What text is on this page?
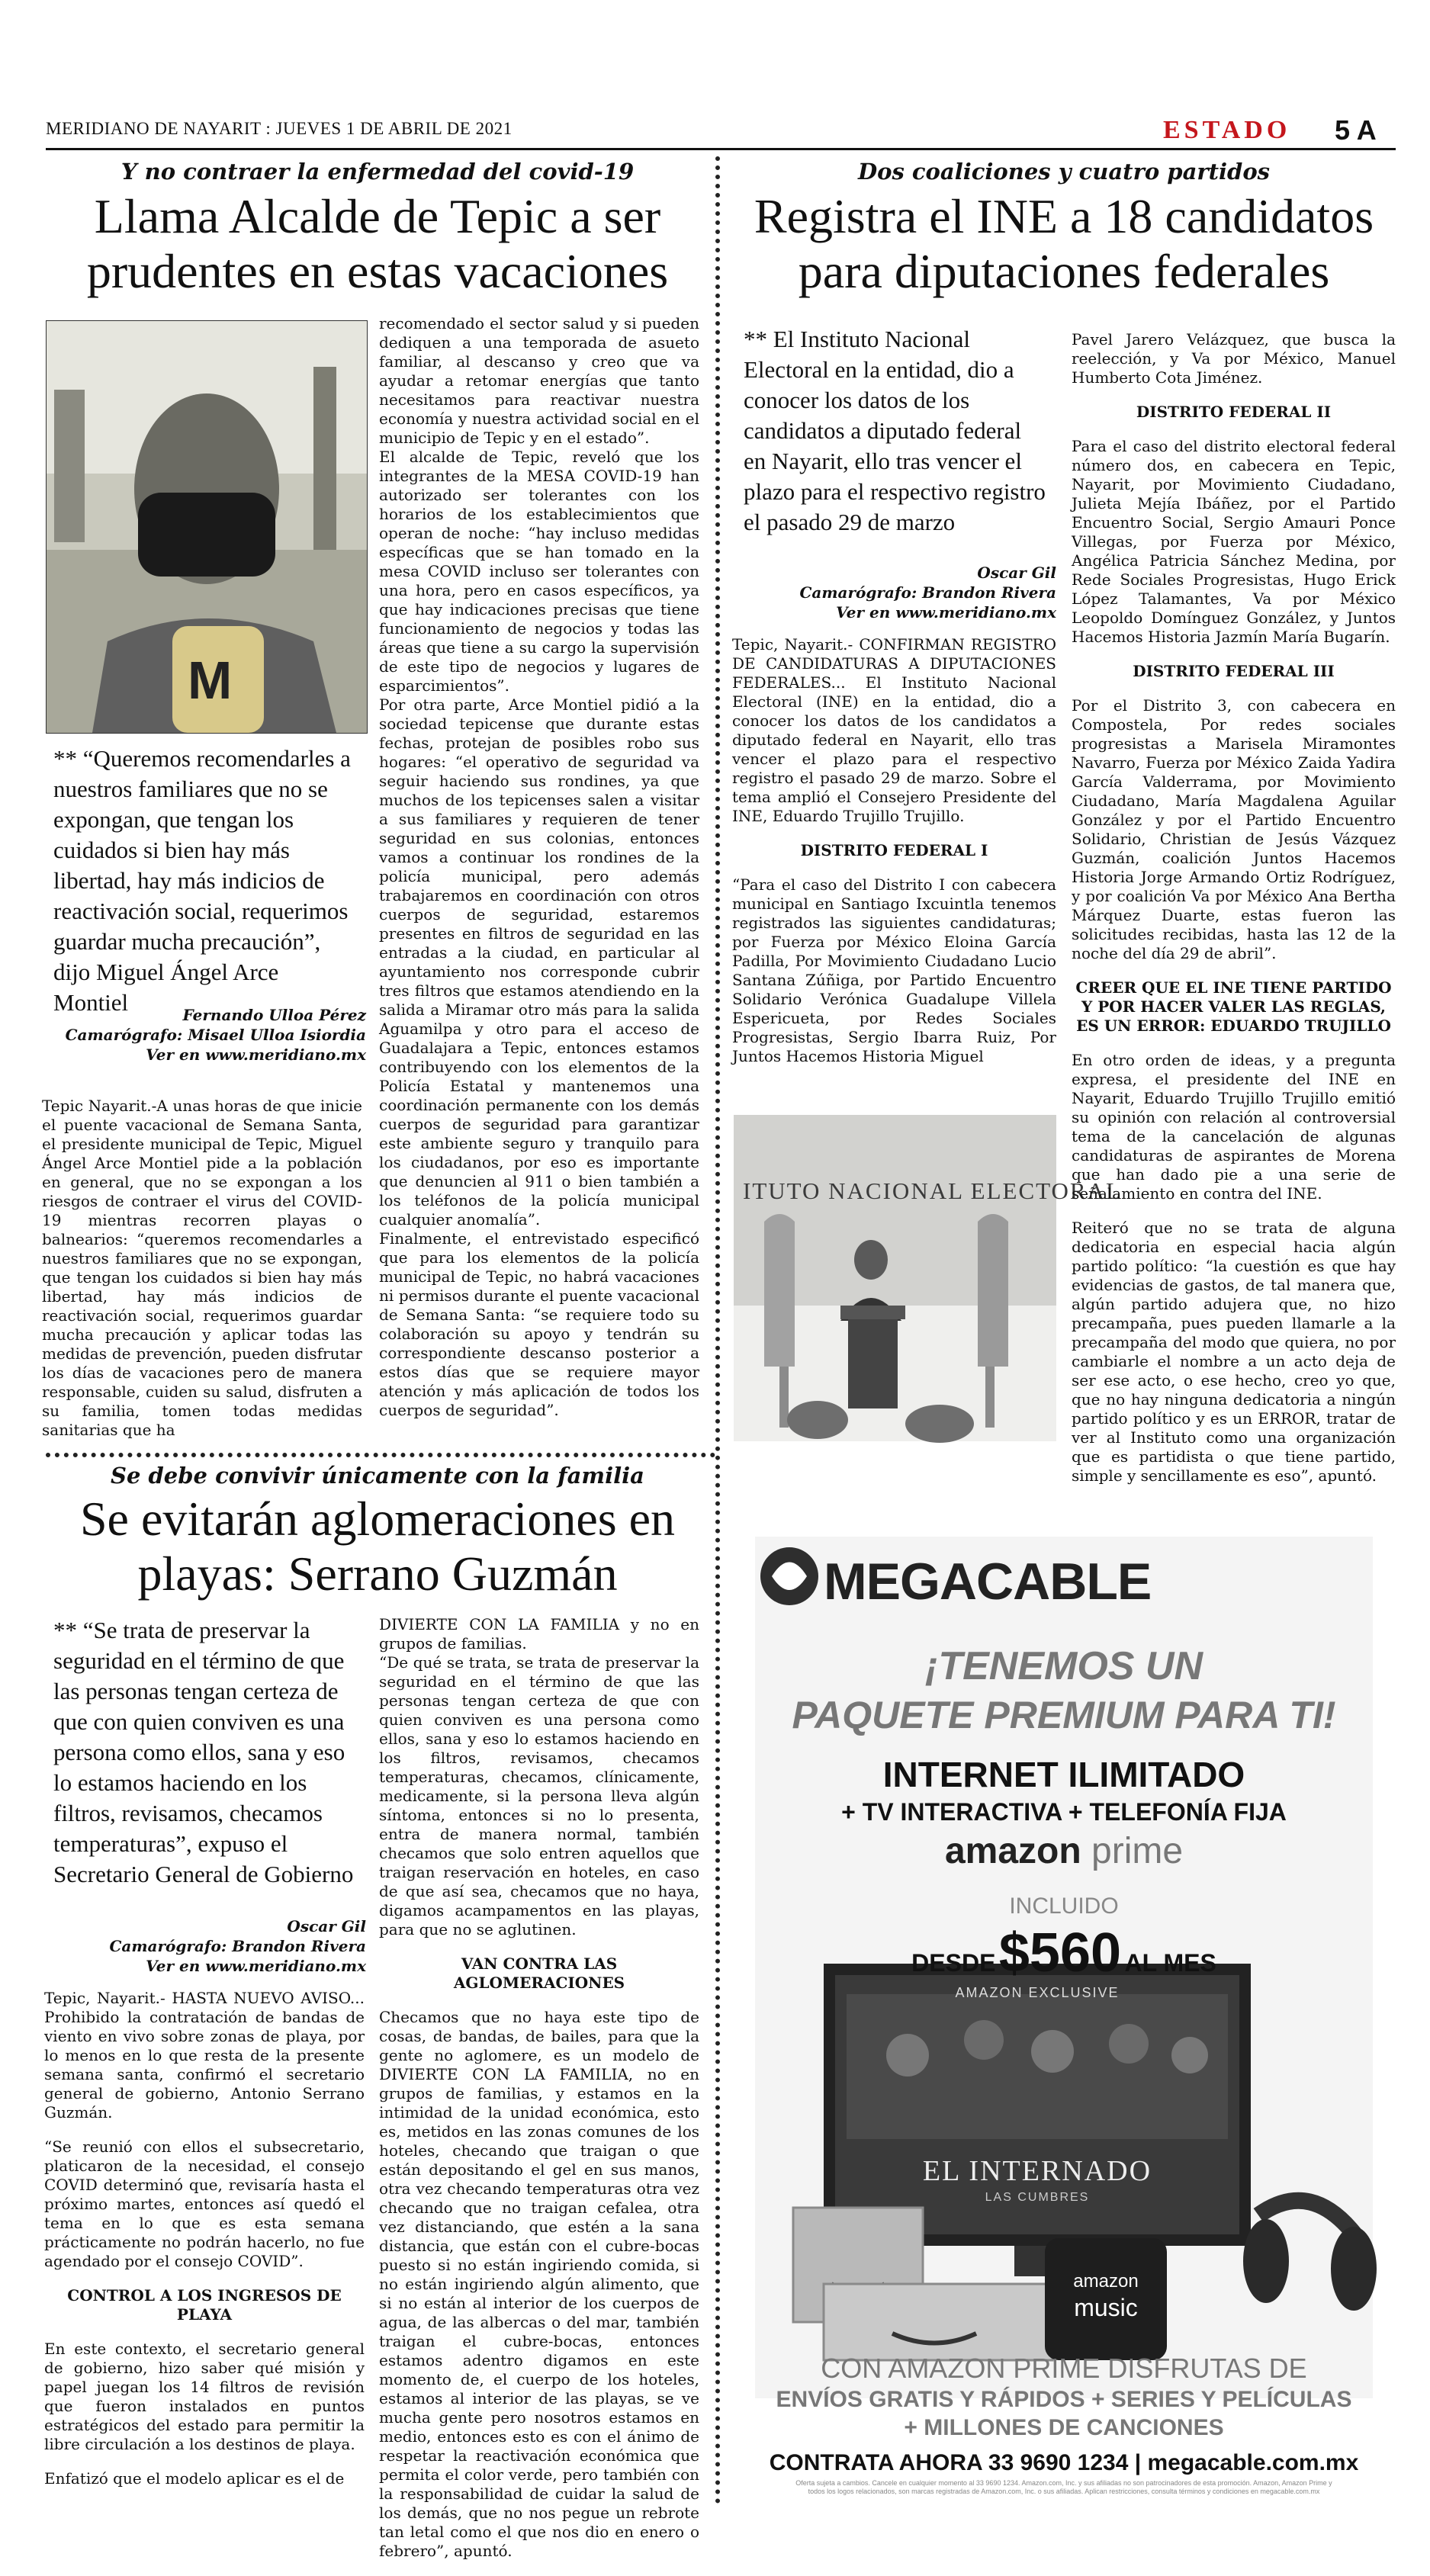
MERIDIANO DE NAYARIT : JUEVES 1 DE ABRIL DE 2021	ESTADO 5 A
Y no contraer la enfermedad del covid-19
Llama Alcalde de Tepic a ser prudentes en estas vacaciones
M
** “Queremos recomendarles a nuestros familiares que no se expongan, que tengan los cuidados si bien hay más libertad, hay más indicios de reactivación social, requerimos guardar mucha precaución”, dijo Miguel Ángel Arce Montiel	Fernando Ulloa Pérez
Camarógrafo: Misael Ulloa Isiordia
Ver en www.meridiano.mx

Tepic Nayarit.-A unas horas de que inicie el puente vacacional de Semana Santa, el presidente municipal de Tepic, Miguel Ángel Arce Montiel pide a la población en general, que no se expongan a los riesgos de contraer el virus del COVID-19 mientras recorren playas o balnearios: “queremos recomendarles a nuestros familiares que no se expongan, que tengan los cuidados si bien hay más libertad, hay más indicios de reactivación social, requerimos guardar mucha precaución y aplicar todas las medidas de prevención, pueden disfrutar los días de vacaciones pero de manera responsable, cuiden su salud, disfruten a su familia, tomen todas medidas sanitarias que ha

recomendado el sector salud y si pueden dediquen a una temporada de asueto familiar, al descanso y creo que va ayudar a retomar energías que tanto necesitamos para reactivar nuestra economía y nuestra actividad social en el municipio de Tepic y en el estado”.

El alcalde de Tepic, reveló que los integrantes de la MESA COVID-19 han autorizado ser tolerantes con los horarios de los establecimientos que operan de noche: “hay incluso medidas específicas que se han tomado en la mesa COVID incluso ser tolerantes con una hora, pero en casos específicos, ya que hay indicaciones precisas que tiene funcionamiento de negocios y todas las áreas que tiene a su cargo la supervisión de este tipo de negocios y lugares de esparcimientos”.

Por otra parte, Arce Montiel pidió a la sociedad tepicense que durante estas fechas, protejan de posibles robo sus hogares: “el operativo de seguridad va seguir haciendo sus rondines, ya que muchos de los tepicenses salen a visitar a sus familiares y requieren de tener seguridad en sus colonias, entonces vamos a continuar los rondines de la policía municipal, pero además trabajaremos en coordinación con otros cuerpos de seguridad, estaremos presentes en filtros de seguridad en las entradas a la ciudad, en particular al ayuntamiento nos corresponde cubrir tres filtros que estamos atendiendo en la salida a Miramar otro más para la salida Aguamilpa y otro para el acceso de Guadalajara a Tepic, entonces estamos contribuyendo con los elementos de la Policía Estatal y mantenemos una coordinación permanente con los demás cuerpos de seguridad para garantizar este ambiente seguro y tranquilo para los ciudadanos, por eso es importante que denuncien al 911 o bien también a los teléfonos de la policía municipal cualquier anomalía”.

Finalmente, el entrevistado especificó que para los elementos de la policía municipal de Tepic, no habrá vacaciones ni permisos durante el puente vacacional de Semana Santa: “se requiere todo su colaboración su apoyo y tendrán su correspondiente descanso posterior a estos días que se requiere mayor atención y más aplicación de todos los cuerpos de seguridad”.

Dos coaliciones y cuatro partidos
Registra el INE a 18 candidatos para diputaciones federales
** El Instituto Nacional Electoral en la entidad, dio a conocer los datos de los candidatos a diputado federal en Nayarit, ello tras vencer el plazo para el respectivo registro el pasado 29 de marzo
Oscar Gil
Camarógrafo: Brandon Rivera
Ver en www.meridiano.mx

Tepic, Nayarit.- CONFIRMAN REGISTRO DE CANDIDATURAS A DIPUTACIONES FEDERALES... El Instituto Nacional Electoral (INE) en la entidad, dio a conocer los datos de los candidatos a diputado federal en Nayarit, ello tras vencer el plazo para el respectivo registro el pasado 29 de marzo. Sobre el tema amplió el Consejero Presidente del INE, Eduardo Trujillo Trujillo.

DISTRITO FEDERAL I

“Para el caso del Distrito I con cabecera municipal en Santiago Ixcuintla tenemos registrados las siguientes candidaturas; por Fuerza por México Eloina García Padilla, Por Movimiento Ciudadano Lucio Santana Zúñiga, por Partido Encuentro Solidario Verónica Guadalupe Villela Espericueta, por Redes Sociales Progresistas, Sergio Ibarra Ruiz, Por Juntos Hacemos Historia Miguel

ITUTO NACIONAL ELECTORAL

Pavel Jarero Velázquez, que busca la reelección, y Va por México, Manuel Humberto Cota Jiménez.

DISTRITO FEDERAL II

Para el caso del distrito electoral federal número dos, en cabecera en Tepic, Nayarit, por Movimiento Ciudadano, Julieta Mejía Ibáñez, por el Partido Encuentro Social, Sergio Amauri Ponce Villegas, por Fuerza por México, Angélica Patricia Sánchez Medina, por Rede Sociales Progresistas, Hugo Erick López Talamantes, Va por México Leopoldo Domínguez González, y Juntos Hacemos Historia Jazmín María Bugarín.

DISTRITO FEDERAL III

Por el Distrito 3, con cabecera en Compostela, Por redes sociales progresistas a Marisela Miramontes Navarro, Fuerza por México Zaida Yadira García Valderrama, por Movimiento Ciudadano, María Magdalena Aguilar González y por el Partido Encuentro Solidario, Christian de Jesús Vázquez Guzmán, coalición Juntos Hacemos Historia Jorge Armando Ortiz Rodríguez, y por coalición Va por México Ana Bertha Márquez Duarte, estas fueron las solicitudes recibidas, hasta las 12 de la noche del día 29 de abril”.

CREER QUE EL INE TIENE PARTIDO Y POR HACER VALER LAS REGLAS, ES UN ERROR: EDUARDO TRUJILLO

En otro orden de ideas, y a pregunta expresa, el presidente del INE en Nayarit, Eduardo Trujillo Trujillo emitió su opinión con relación al controversial tema de la cancelación de algunas candidaturas de aspirantes de Morena que han dado pie a una serie de señalamiento en contra del INE.

Reiteró que no se trata de alguna dedicatoria en especial hacia algún partido político: “la cuestión es que hay evidencias de gastos, de tal manera que, algún partido adujera que, no hizo precampaña, pues pueden llamarle a la precampaña del modo que quiera, no por cambiarle el nombre a un acto deja de ser ese acto, o ese hecho, creo yo que, que no hay ninguna dedicatoria a ningún partido político y es un ERROR, tratar de ver al Instituto como una organización que es partidista o que tiene partido, simple y sencillamente es eso”, apuntó.

Se debe convivir únicamente con la familia
Se evitarán aglomeraciones en playas: Serrano Guzmán
** “Se trata de preservar la seguridad en el término de que las personas tengan certeza de que con quien conviven es una persona como ellos, sana y eso lo estamos haciendo en los filtros, revisamos, checamos temperaturas”, expuso el Secretario General de Gobierno
Oscar Gil
Camarógrafo: Brandon Rivera
Ver en www.meridiano.mx

Tepic, Nayarit.- HASTA NUEVO AVISO... Prohibido la contratación de bandas de viento en vivo sobre zonas de playa, por lo menos en lo que resta de la presente semana santa, confirmó el secretario general de gobierno, Antonio Serrano Guzmán.

“Se reunió con ellos el subsecretario, platicaron de la necesidad, el consejo COVID determinó que, revisaría hasta el próximo martes, entonces así quedó el tema en lo que es esta semana prácticamente no podrán hacerlo, no fue agendado por el consejo COVID”.

CONTROL A LOS INGRESOS DE PLAYA

En este contexto, el secretario general de gobierno, hizo saber qué misión y papel juegan los 14 filtros de revisión que fueron instalados en puntos estratégicos del estado para permitir la libre circulación a los destinos de playa.

Enfatizó que el modelo aplicar es el de

DIVIERTE CON LA FAMILIA y no en grupos de familias.

“De qué se trata, se trata de preservar la seguridad en el término de que las personas tengan certeza de que con quien conviven es una persona como ellos, sana y eso lo estamos haciendo en los filtros, revisamos, checamos temperaturas, checamos, clínicamente, medicamente, si la persona lleva algún síntoma, entonces si no lo presenta, entra de manera normal, también checamos que solo entren aquellos que traigan reservación en hoteles, en caso de que así sea, checamos que no haya, digamos acampamentos en las playas, para que no se aglutinen.

VAN CONTRA LAS AGLOMERACIONES

Checamos que no haya este tipo de cosas, de bandas, de bailes, para que la gente no aglomere, es un modelo de DIVIERTE CON LA FAMILIA, no en grupos de familias, y estamos en la intimidad de la unidad económica, esto es, metidos en las zonas comunes de los hoteles, checando que traigan o que están depositando el gel en sus manos, otra vez checando temperaturas otra vez checando que no traigan cefalea, otra vez distanciando, que estén a la sana distancia, que están con el cubre-bocas puesto si no están ingiriendo comida, si no están ingiriendo algún alimento, que si no están al interior de los cuerpos de agua, de las albercas o del mar, también traigan el cubre-bocas, entonces estamos adentro digamos en este momento de, el cuerpo de los hoteles, estamos al interior de las playas, se ve mucha gente pero nosotros estamos en medio, entonces esto es con el ánimo de respetar la reactivación económica que permita el color verde, pero también con la responsabilidad de cuidar la salud de los demás, que no nos pegue un rebrote tan letal como el que nos dio en enero o febrero”, apuntó.

MEGACABLE
¡TENEMOS UN
PAQUETE PREMIUM PARA TI!
INTERNET ILIMITADO
+ TV INTERACTIVA + TELEFONÍA FIJA
amazon prime
INCLUIDO
DESDE $560 AL MES
AMAZON EXCLUSIVE
EL INTERNADO
LAS CUMBRES
amazon
music
CON AMAZON PRIME DISFRUTAS DE
ENVÍOS GRATIS Y RÁPIDOS + SERIES Y PELÍCULAS
+ MILLONES DE CANCIONES
CONTRATA AHORA 33 9690 1234 | megacable.com.mx
Oferta sujeta a cambios. Cancele en cualquier momento al 33 9690 1234. Amazon.com, Inc. y sus afiliadas no son patrocinadores de esta promoción. Amazon, Amazon Prime y todos los logos relacionados, son marcas registradas de Amazon.com, Inc. o sus afiliadas. Aplican restricciones, consulta términos y condiciones en megacable.com.mx
